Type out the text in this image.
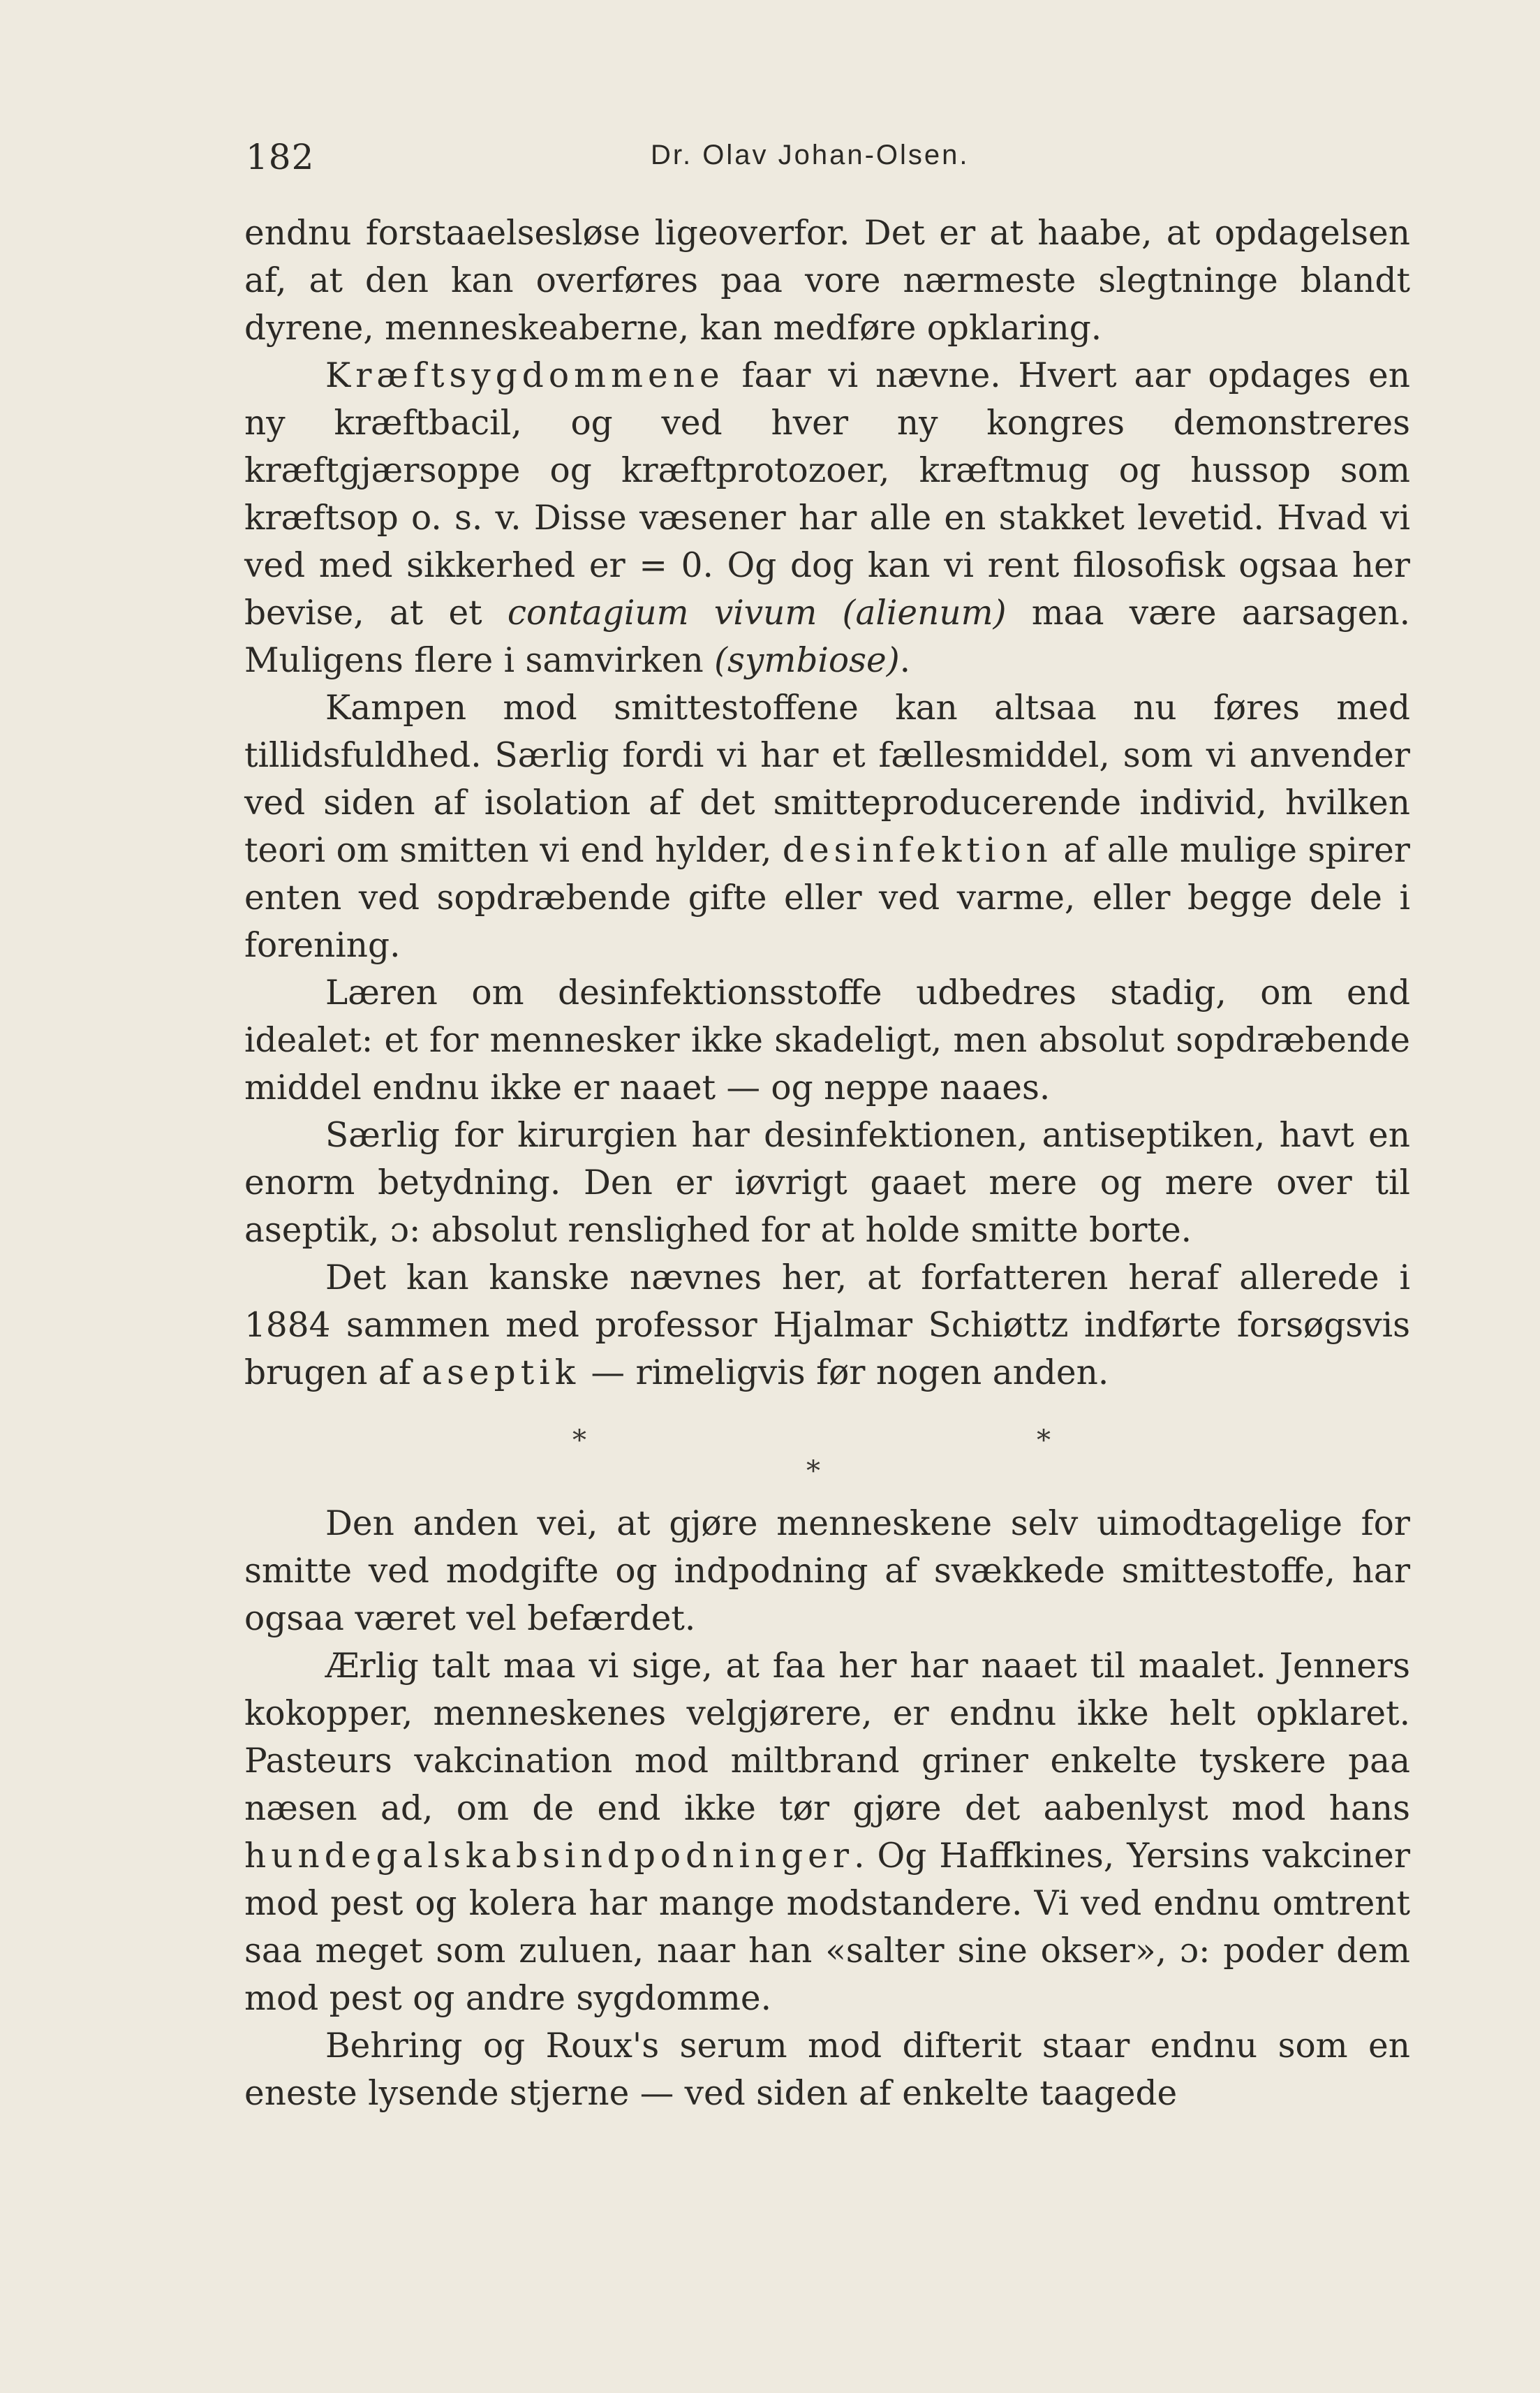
182	Dr. Olav Johan-Olsen.

endnu forstaaelsesløse ligeoverfor. Det er at haabe, at opdagelsen af, at den kan overføres paa vore nærmeste slegtninge blandt dyrene, menneskeaberne, kan medføre opklaring.

Kræftsygdommene faar vi nævne. Hvert aar opdages en ny kræftbacil, og ved hver ny kongres demonstreres kræftgjærsoppe og kræftprotozoer, kræftmug og hussop som kræftsop o. s. v. Disse væsener har alle en stakket levetid. Hvad vi ved med sikkerhed er = 0. Og dog kan vi rent filosofisk ogsaa her bevise, at et contagium vivum (alienum) maa være aarsagen. Muligens flere i samvirken (symbiose).

Kampen mod smittestoffene kan altsaa nu føres med tillidsfuldhed. Særlig fordi vi har et fællesmiddel, som vi anvender ved siden af isolation af det smitteproducerende individ, hvilken teori om smitten vi end hylder, desinfektion af alle mulige spirer enten ved sopdræbende gifte eller ved varme, eller begge dele i forening.

Læren om desinfektionsstoffe udbedres stadig, om end idealet: et for mennesker ikke skadeligt, men absolut sopdræbende middel endnu ikke er naaet — og neppe naaes.

Særlig for kirurgien har desinfektionen, antiseptiken, havt en enorm betydning. Den er iøvrigt gaaet mere og mere over til aseptik, ɔ: absolut renslighed for at holde smitte borte.

Det kan kanske nævnes her, at forfatteren heraf allerede i 1884 sammen med professor Hjalmar Schiøttz indførte forsøgsvis brugen af aseptik — rimeligvis før nogen anden.

*	*
*

Den anden vei, at gjøre menneskene selv uimodtagelige for smitte ved modgifte og indpodning af svækkede smittestoffe, har ogsaa været vel befærdet.

Ærlig talt maa vi sige, at faa her har naaet til maalet. Jenners kokopper, menneskenes velgjørere, er endnu ikke helt opklaret. Pasteurs vakcination mod miltbrand griner enkelte tyskere paa næsen ad, om de end ikke tør gjøre det aabenlyst mod hans hundegalskabsindpodninger. Og Haffkines, Yersins vakciner mod pest og kolera har mange modstandere. Vi ved endnu omtrent saa meget som zuluen, naar han «salter sine okser», ɔ: poder dem mod pest og andre sygdomme.

Behring og Roux's serum mod difterit staar endnu som en eneste lysende stjerne — ved siden af enkelte taagede
